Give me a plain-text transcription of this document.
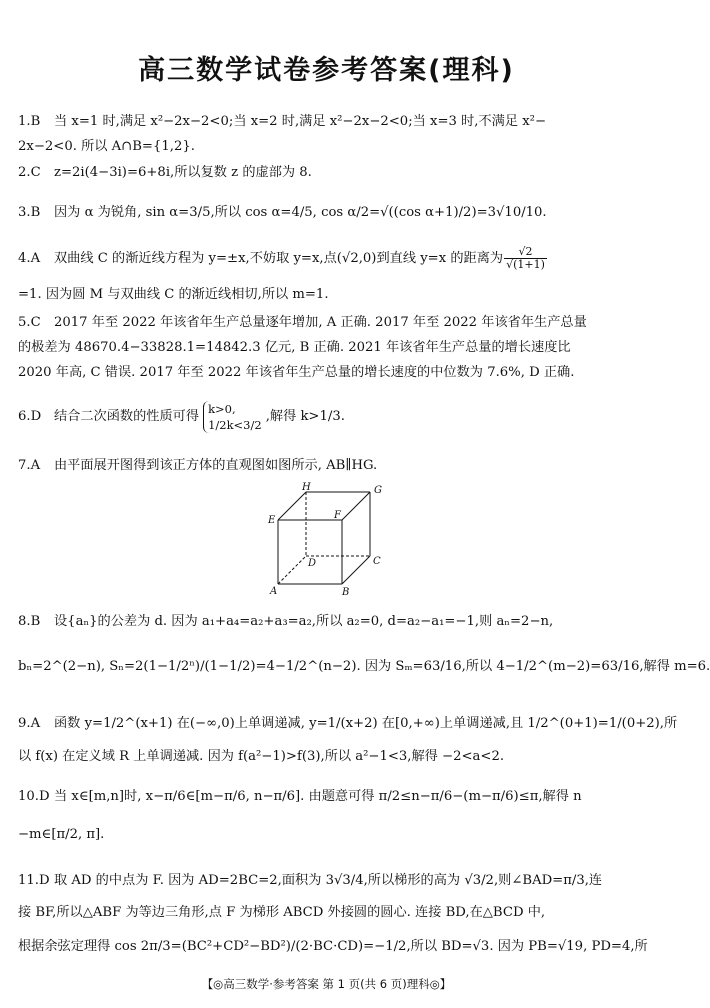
高三数学试卷参考答案(理科)
1.B 当 x=1 时,满足 x²−2x−2<0;当 x=2 时,满足 x²−2x−2<0;当 x=3 时,不满足 x²−
2x−2<0. 所以 A∩B={1,2}.
2.C z=2i(4−3i)=6+8i,所以复数 z 的虚部为 8.
3.B 因为 α 为锐角, sin α=3/5,所以 cos α=4/5, cos α/2=√((cos α+1)/2)=3√10/10.
4.A 双曲线 C 的渐近线方程为 y=±x,不妨取 y=x,点(√2,0)到直线 y=x 的距离为 $\frac{√2}{√(1+1)}$
=1. 因为圆 M 与双曲线 C 的渐近线相切,所以 m=1.
5.C 2017 年至 2022 年该省年生产总量逐年增加, A 正确. 2017 年至 2022 年该省年生产总量
的极差为 48670.4−33828.1=14842.3 亿元, B 正确. 2021 年该省年生产总量的增长速度比
2020 年高, C 错误. 2017 年至 2022 年该省年生产总量的增长速度的中位数为 7.6%, D 正确.
6.D 结合二次函数的性质可得
k>0,
1/2k<3/2
,解得 k>1/3.
7.A 由平面展开图得到该正方体的直观图如图所示, AB∥HG.
H	G
E	F
D	C
A	B
8.B 设{aₙ}的公差为 d. 因为 a₁+a₄=a₂+a₃=a₂,所以 a₂=0, d=a₂−a₁=−1,则 aₙ=2−n,
bₙ=2^(2−n), Sₙ=2(1−1/2ⁿ)/(1−1/2)=4−1/2^(n−2). 因为 Sₘ=63/16,所以 4−1/2^(m−2)=63/16,解得 m=6.
9.A 函数 y=1/2^(x+1) 在(−∞,0)上单调递减, y=1/(x+2) 在[0,+∞)上单调递减,且 1/2^(0+1)=1/(0+2),所
以 f(x) 在定义域 R 上单调递减. 因为 f(a²−1)>f(3),所以 a²−1<3,解得 −2<a<2.
10.D 当 x∈[m,n]时, x−π/6∈[m−π/6, n−π/6]. 由题意可得 π/2≤n−π/6−(m−π/6)≤π,解得 n
−m∈[π/2, π].
11.D 取 AD 的中点为 F. 因为 AD=2BC=2,面积为 3√3/4,所以梯形的高为 √3/2,则∠BAD=π/3,连
接 BF,所以△ABF 为等边三角形,点 F 为梯形 ABCD 外接圆的圆心. 连接 BD,在△BCD 中,
根据余弦定理得 cos 2π/3=(BC²+CD²−BD²)/(2·BC·CD)=−1/2,所以 BD=√3. 因为 PB=√19, PD=4,所
【◎高三数学·参考答案 第 1 页(共 6 页)理科◎】
